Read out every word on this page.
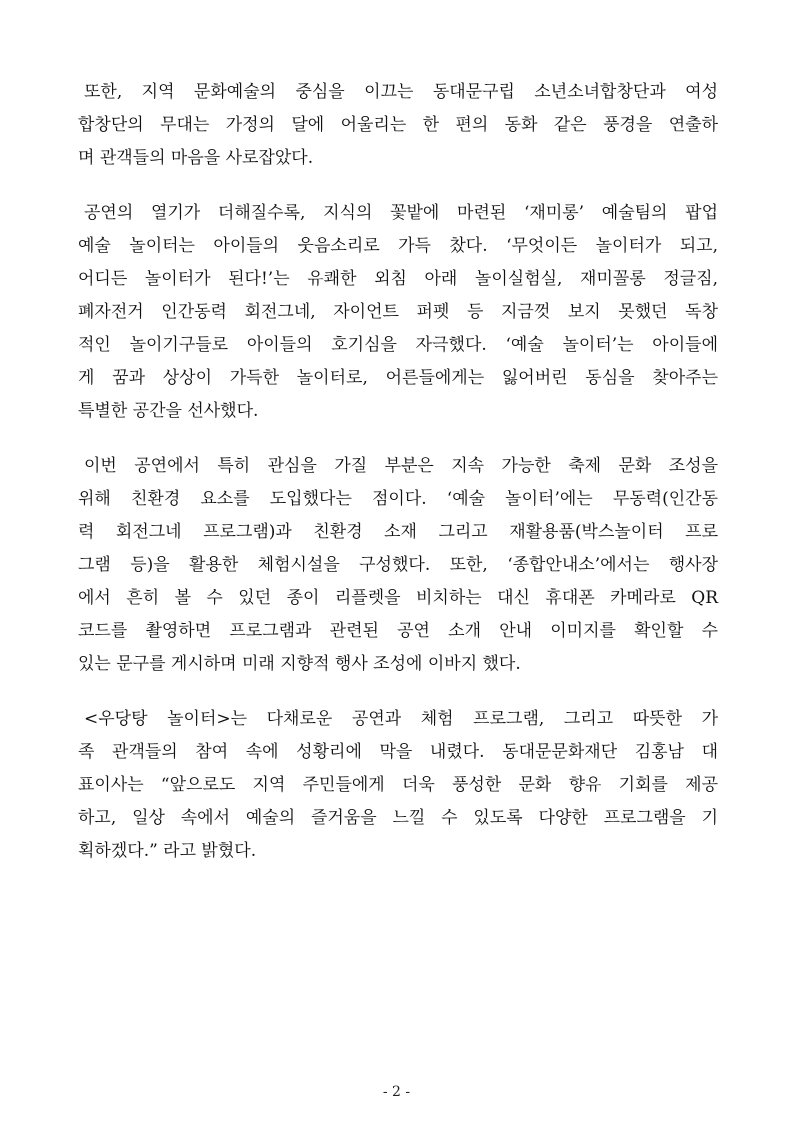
또한, 지역 문화예술의 중심을 이끄는 동대문구립 소년소녀합창단과 여성
합창단의 무대는 가정의 달에 어울리는 한 편의 동화 같은 풍경을 연출하
며 관객들의 마음을 사로잡았다.
공연의 열기가 더해질수록, 지식의 꽃밭에 마련된 ‘재미롱’ 예술팀의 팝업
예술 놀이터는 아이들의 웃음소리로 가득 찼다. ‘무엇이든 놀이터가 되고,
어디든 놀이터가 된다!’는 유쾌한 외침 아래 놀이실험실, 재미꼴롱 정글짐,
폐자전거 인간동력 회전그네, 자이언트 퍼펫 등 지금껏 보지 못했던 독창
적인 놀이기구들로 아이들의 호기심을 자극했다. ‘예술 놀이터’는 아이들에
게 꿈과 상상이 가득한 놀이터로, 어른들에게는 잃어버린 동심을 찾아주는
특별한 공간을 선사했다.
이번 공연에서 특히 관심을 가질 부분은 지속 가능한 축제 문화 조성을
위해 친환경 요소를 도입했다는 점이다. ‘예술 놀이터’에는 무동력(인간동
력 회전그네 프로그램)과 친환경 소재 그리고 재활용품(박스놀이터 프로
그램 등)을 활용한 체험시설을 구성했다. 또한, ‘종합안내소’에서는 행사장
에서 흔히 볼 수 있던 종이 리플렛을 비치하는 대신 휴대폰 카메라로 QR
코드를 촬영하면 프로그램과 관련된 공연 소개 안내 이미지를 확인할 수
있는 문구를 게시하며 미래 지향적 행사 조성에 이바지 했다.
<우당탕 놀이터>는 다채로운 공연과 체험 프로그램, 그리고 따뜻한 가
족 관객들의 참여 속에 성황리에 막을 내렸다. 동대문문화재단 김홍남 대
표이사는 “앞으로도 지역 주민들에게 더욱 풍성한 문화 향유 기회를 제공
하고, 일상 속에서 예술의 즐거움을 느낄 수 있도록 다양한 프로그램을 기
획하겠다.” 라고 밝혔다.
- 2 -
